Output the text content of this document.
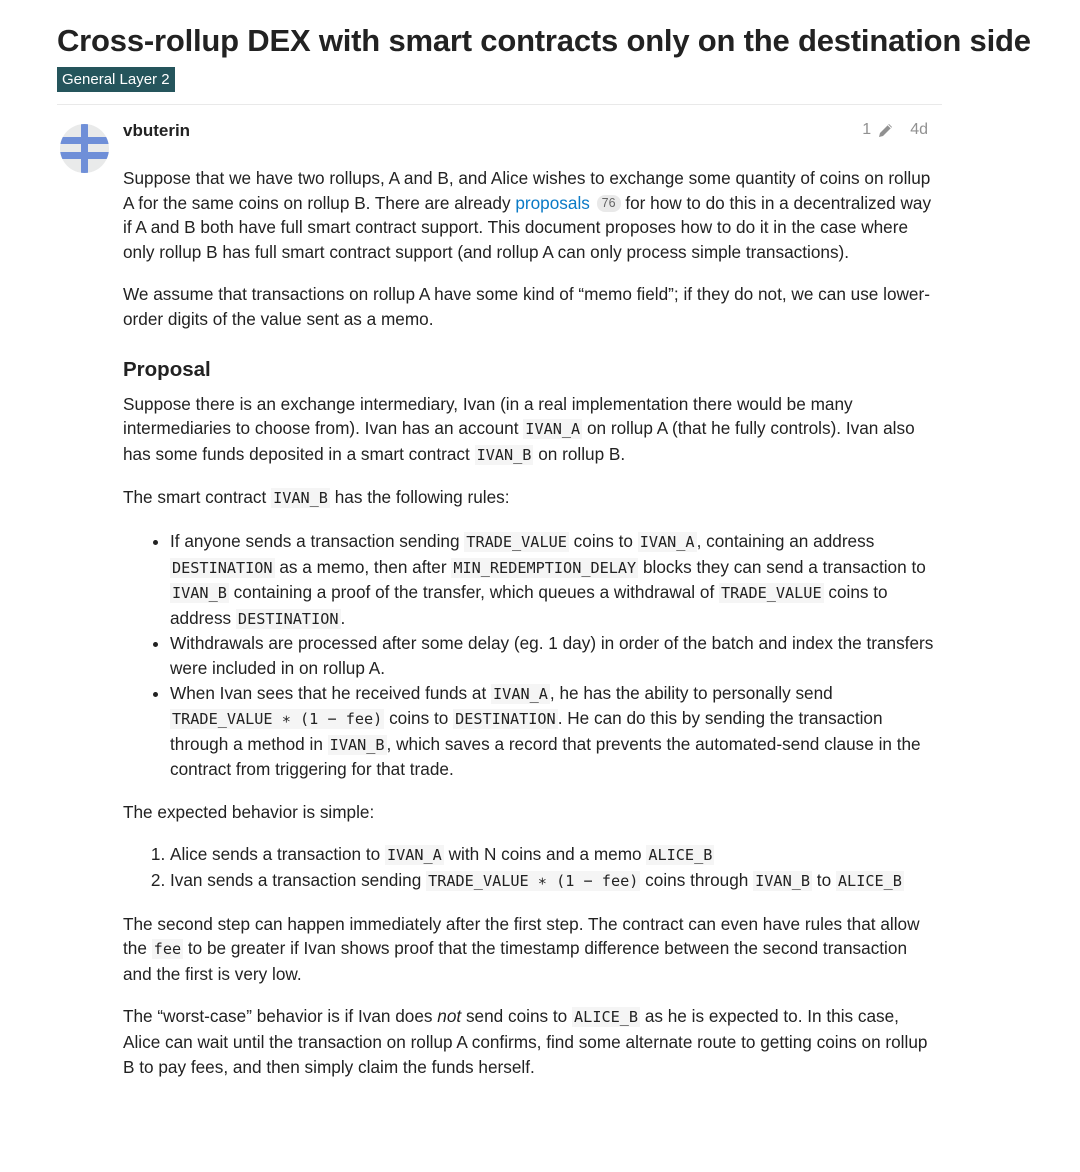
Cross-rollup DEX with smart contracts only on the destination side
General Layer 2
vbuterin	1 4d

Suppose that we have two rollups, A and B, and Alice wishes to exchange some quantity of coins on rollup A for the same coins on rollup B. There are already proposals 76 for how to do this in a decentralized way if A and B both have full smart contract support. This document proposes how to do it in the case where only rollup B has full smart contract support (and rollup A can only process simple transactions).

We assume that transactions on rollup A have some kind of “memo field”; if they do not, we can use lower-order digits of the value sent as a memo.

Proposal

Suppose there is an exchange intermediary, Ivan (in a real implementation there would be many intermediaries to choose from). Ivan has an account IVAN_A on rollup A (that he fully controls). Ivan also has some funds deposited in a smart contract IVAN_B on rollup B.

The smart contract IVAN_B has the following rules:

• If anyone sends a transaction sending TRADE_VALUE coins to IVAN_A , containing an address DESTINATION as a memo, then after MIN_REDEMPTION_DELAY blocks they can send a transaction to IVAN_B containing a proof of the transfer, which queues a withdrawal of TRADE_VALUE coins to address DESTINATION .
• Withdrawals are processed after some delay (eg. 1 day) in order of the batch and index the transfers were included in on rollup A.
• When Ivan sees that he received funds at IVAN_A , he has the ability to personally send TRADE_VALUE ∗ (1 − fee) coins to DESTINATION . He can do this by sending the transaction through a method in IVAN_B , which saves a record that prevents the automated-send clause in the contract from triggering for that trade.

The expected behavior is simple:

1. Alice sends a transaction to IVAN_A with N coins and a memo ALICE_B
2. Ivan sends a transaction sending TRADE_VALUE ∗ (1 − fee) coins through IVAN_B to ALICE_B

The second step can happen immediately after the first step. The contract can even have rules that allow the fee to be greater if Ivan shows proof that the timestamp difference between the second transaction and the first is very low.

The “worst-case” behavior is if Ivan does not send coins to ALICE_B as he is expected to. In this case, Alice can wait until the transaction on rollup A confirms, find some alternate route to getting coins on rollup B to pay fees, and then simply claim the funds herself.
